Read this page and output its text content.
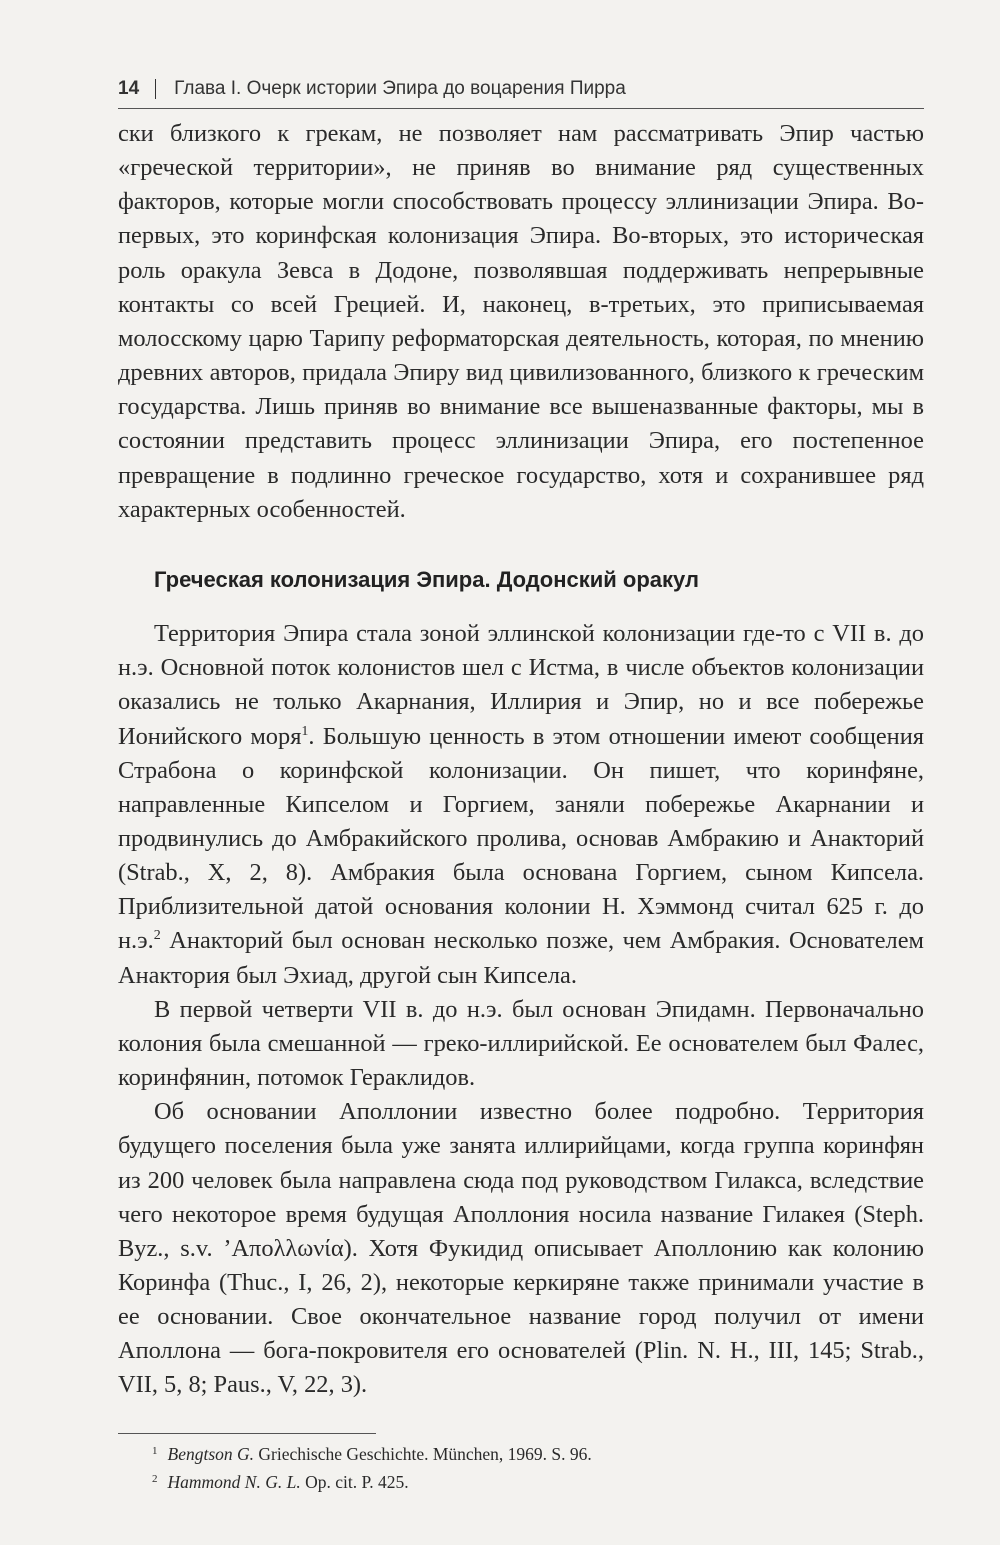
14 Глава I. Очерк истории Эпира до воцарения Пирра

ски близкого к грекам, не позволяет нам рассматривать Эпир частью «греческой территории», не приняв во внимание ряд существенных факторов, которые могли способствовать процессу эллинизации Эпира. Во-первых, это коринфская колонизация Эпира. Во-вторых, это историческая роль оракула Зевса в Додоне, позволявшая поддерживать непрерывные контакты со всей Грецией. И, наконец, в-третьих, это приписываемая молосскому царю Тарипу реформаторская деятельность, которая, по мнению древних авторов, придала Эпиру вид цивилизованного, близкого к греческим государства. Лишь приняв во внимание все вышеназванные факторы, мы в состоянии представить процесс эллинизации Эпира, его постепенное превращение в подлинно греческое государство, хотя и сохранившее ряд характерных особенностей.

Греческая колонизация Эпира. Додонский оракул

Территория Эпира стала зоной эллинской колонизации где-то с VII в. до н.э. Основной поток колонистов шел с Истма, в числе объектов колонизации оказались не только Акарнания, Иллирия и Эпир, но и все побережье Ионийского моря$^1$. Большую ценность в этом отношении имеют сообщения Страбона о коринфской колонизации. Он пишет, что коринфяне, направленные Кипселом и Горгием, заняли побережье Акарнании и продвинулись до Амбракийского пролива, основав Амбракию и Анакторий (Strab., X, 2, 8). Амбракия была основана Горгием, сыном Кипсела. Приблизительной датой основания колонии Н. Хэммонд считал 625 г. до н.э.$^2$ Анакторий был основан несколько позже, чем Амбракия. Основателем Анактория был Эхиад, другой сын Кипсела.

В первой четверти VII в. до н.э. был основан Эпидамн. Первоначально колония была смешанной — греко-иллирийской. Ее основателем был Фалес, коринфянин, потомок Гераклидов.

Об основании Аполлонии известно более подробно. Территория будущего поселения была уже занята иллирийцами, когда группа коринфян из 200 человек была направлена сюда под руководством Гилакса, вследствие чего некоторое время будущая Аполлония носила название Гилакея (Steph. Byz., s.v. ’Απολλωνία). Хотя Фукидид описывает Аполлонию как колонию Коринфа (Thuc., I, 26, 2), некоторые керкиряне также принимали участие в ее основании. Свое окончательное название город получил от имени Аполлона — бога-покровителя его основателей (Plin. N. H., III, 145; Strab., VII, 5, 8; Paus., V, 22, 3).

$^1$ Bengtson G. Griechische Geschichte. München, 1969. S. 96.
$^2$ Hammond N. G. L. Op. cit. P. 425.
